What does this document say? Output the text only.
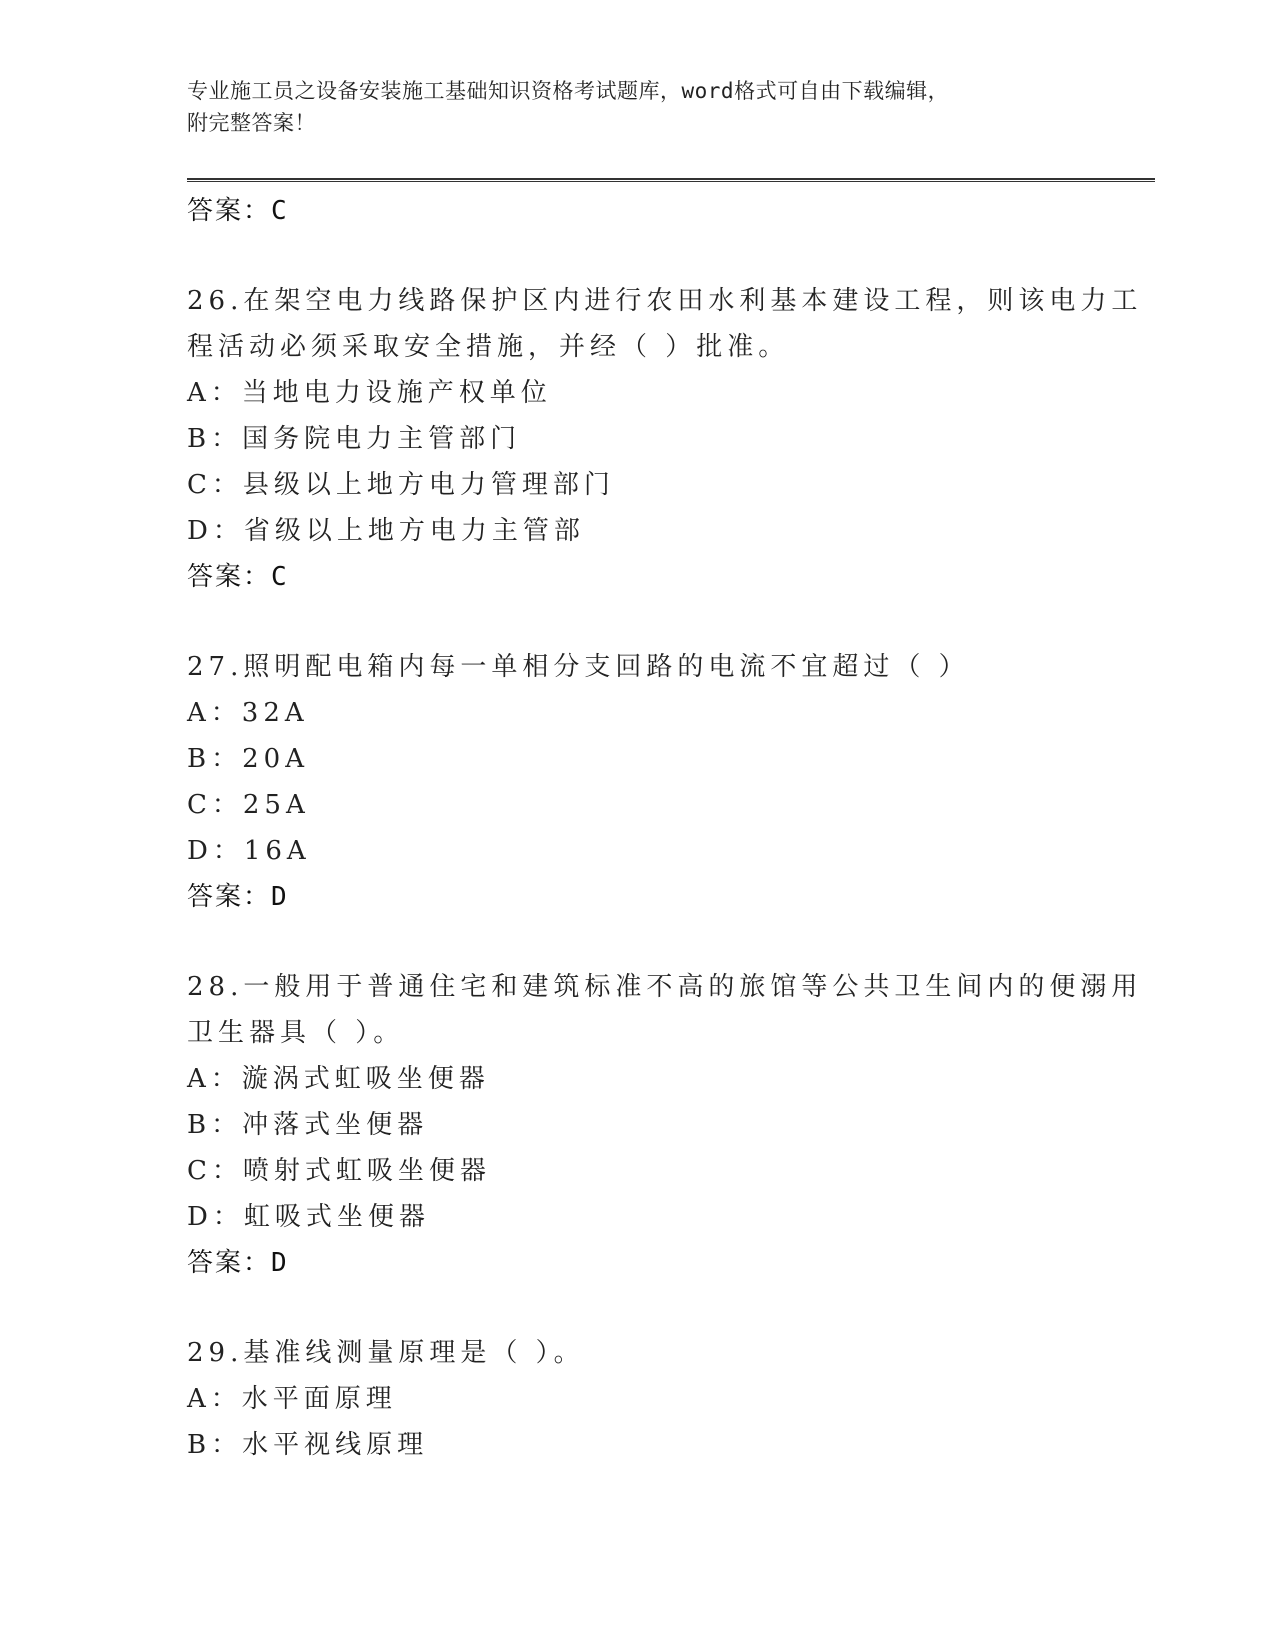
专业施工员之设备安装施工基础知识资格考试题库，word格式可自由下载编辑，
附完整答案！
答案：C
26.在架空电力线路保护区内进行农田水利基本建设工程，则该电力工
程活动必须采取安全措施，并经（ ）批准。
A：当地电力设施产权单位
B：国务院电力主管部门
C：县级以上地方电力管理部门
D：省级以上地方电力主管部
答案：C
27.照明配电箱内每一单相分支回路的电流不宜超过（ ）
A：32A
B：20A
C：25A
D：16A
答案：D
28.一般用于普通住宅和建筑标准不高的旅馆等公共卫生间内的便溺用
卫生器具（ ）。
A：漩涡式虹吸坐便器
B：冲落式坐便器
C：喷射式虹吸坐便器
D：虹吸式坐便器
答案：D
29.基准线测量原理是（ ）。
A：水平面原理
B：水平视线原理
